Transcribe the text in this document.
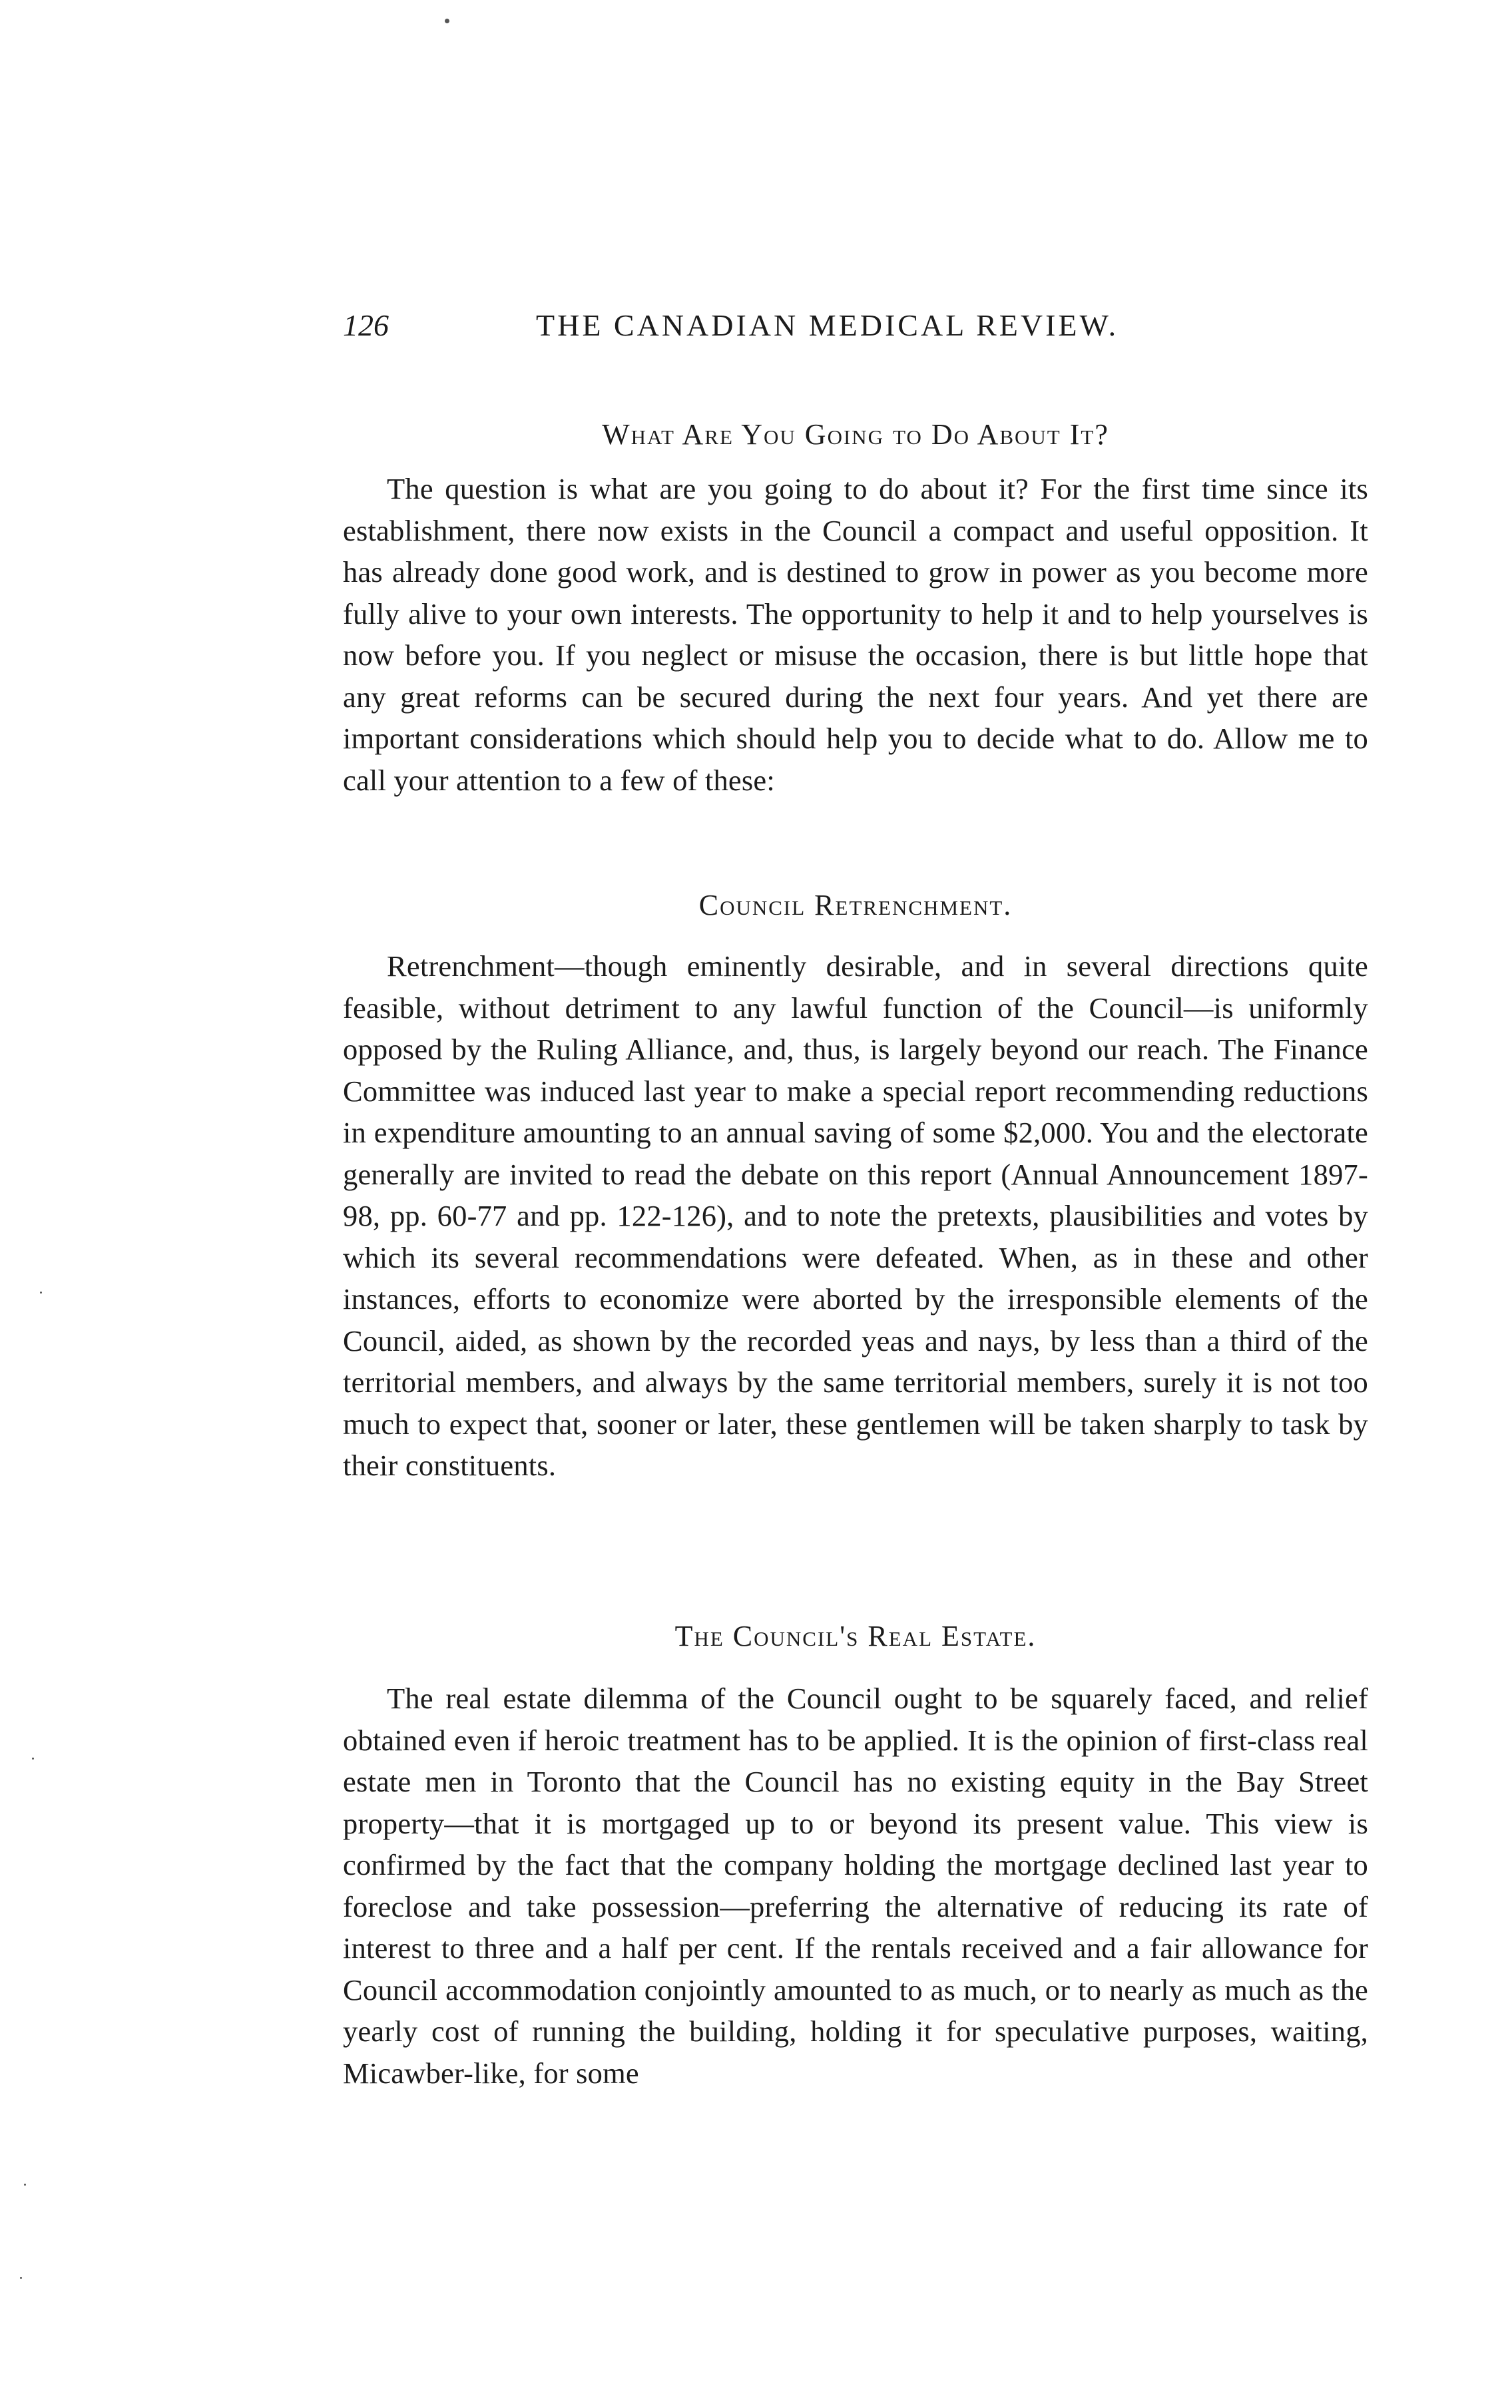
126	THE CANADIAN MEDICAL REVIEW.
What Are You Going to Do About It?

The question is what are you going to do about it? For the first time since its establishment, there now exists in the Council a compact and useful opposition. It has already done good work, and is destined to grow in power as you become more fully alive to your own interests. The opportunity to help it and to help yourselves is now before you. If you neglect or misuse the occasion, there is but little hope that any great reforms can be secured during the next four years. And yet there are important considerations which should help you to decide what to do. Allow me to call your attention to a few of these:

Council Retrenchment.

Retrenchment—though eminently desirable, and in several directions quite feasible, without detriment to any lawful function of the Council—is uniformly opposed by the Ruling Alliance, and, thus, is largely beyond our reach. The Finance Committee was induced last year to make a special report recommending reductions in expenditure amounting to an annual saving of some $2,000. You and the electorate generally are invited to read the debate on this report (Annual Announcement 1897-98, pp. 60-77 and pp. 122-126), and to note the pretexts, plausibilities and votes by which its several recommendations were defeated. When, as in these and other instances, efforts to economize were aborted by the irresponsible elements of the Council, aided, as shown by the recorded yeas and nays, by less than a third of the territorial members, and always by the same territorial members, surely it is not too much to expect that, sooner or later, these gentlemen will be taken sharply to task by their constituents.

The Council's Real Estate.

The real estate dilemma of the Council ought to be squarely faced, and relief obtained even if heroic treatment has to be applied. It is the opinion of first-class real estate men in Toronto that the Council has no existing equity in the Bay Street property—that it is mortgaged up to or beyond its present value. This view is confirmed by the fact that the company holding the mortgage declined last year to foreclose and take possession—preferring the alternative of reducing its rate of interest to three and a half per cent. If the rentals received and a fair allowance for Council accommodation conjointly amounted to as much, or to nearly as much as the yearly cost of running the building, holding it for speculative purposes, waiting, Micawber-like, for some
